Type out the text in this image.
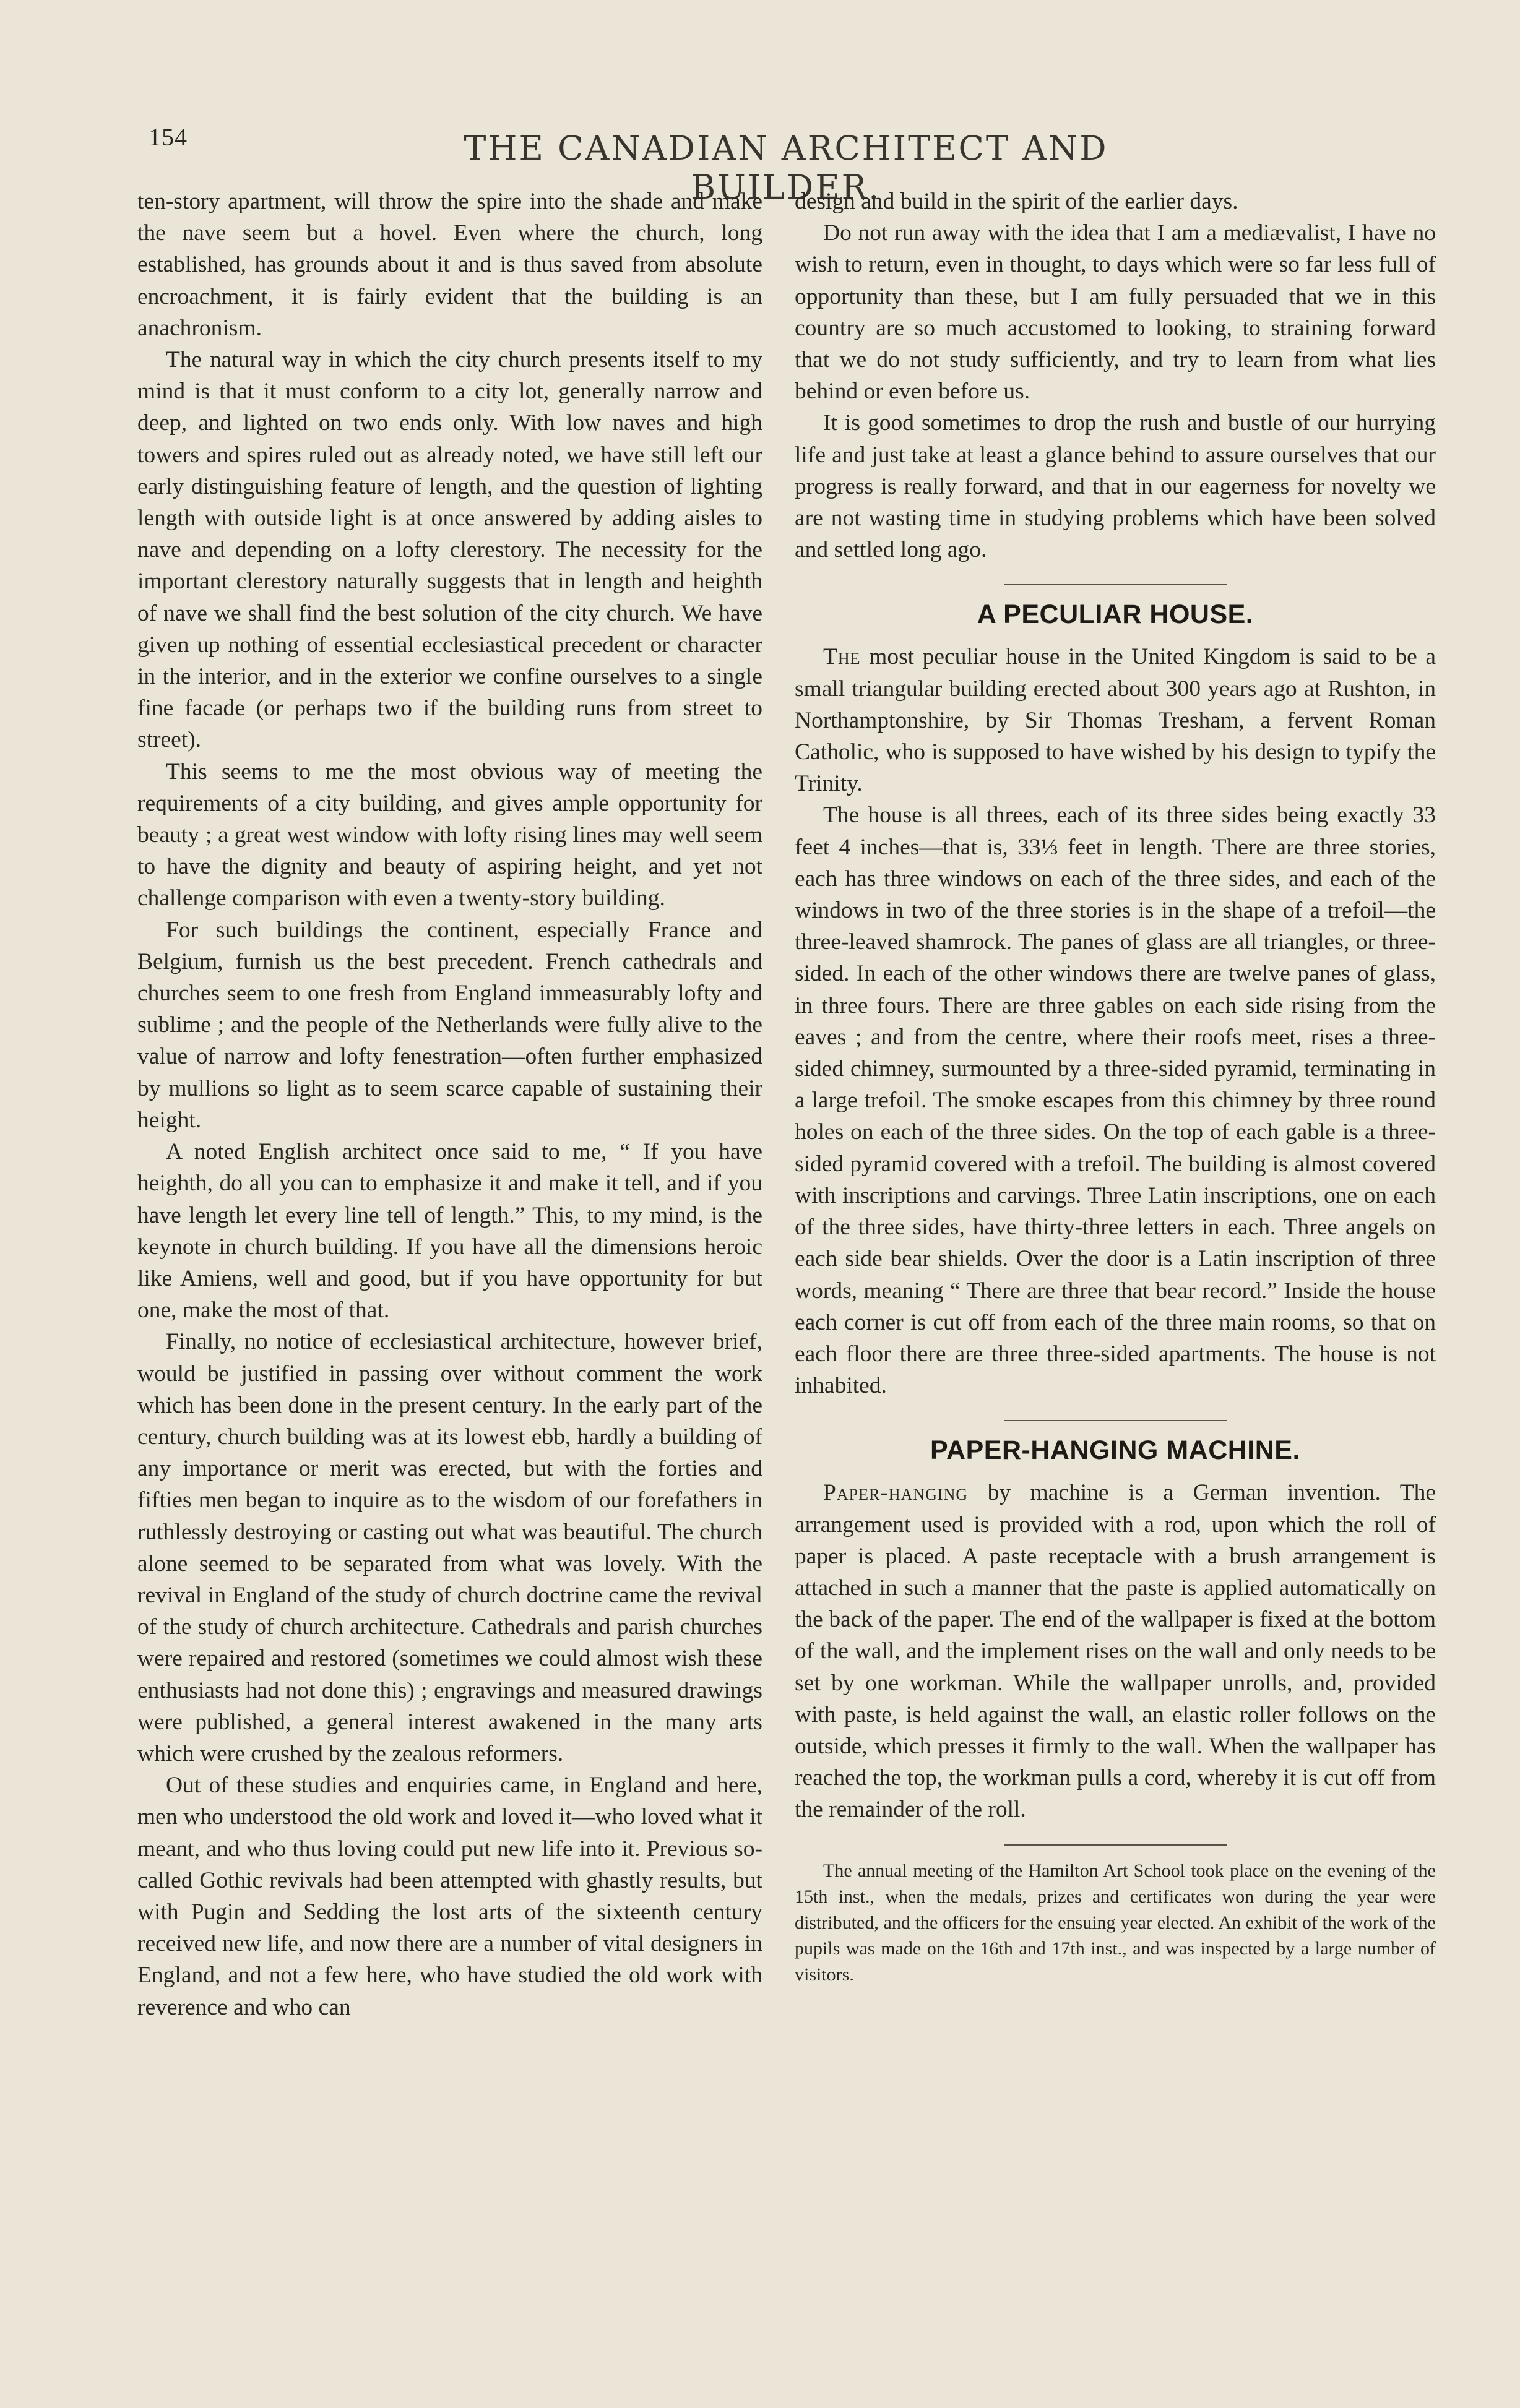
154	THE CANADIAN ARCHITECT AND BUILDER.

ten-story apartment, will throw the spire into the shade and make the nave seem but a hovel. Even where the church, long established, has grounds about it and is thus saved from absolute encroachment, it is fairly evident that the building is an anachronism.

The natural way in which the city church presents itself to my mind is that it must conform to a city lot, generally narrow and deep, and lighted on two ends only. With low naves and high towers and spires ruled out as already noted, we have still left our early distinguishing feature of length, and the question of lighting length with outside light is at once answered by adding aisles to nave and depending on a lofty clerestory. The necessity for the important clerestory naturally suggests that in length and heighth of nave we shall find the best solution of the city church. We have given up nothing of essential ecclesiastical precedent or character in the interior, and in the exterior we confine ourselves to a single fine facade (or perhaps two if the building runs from street to street).

This seems to me the most obvious way of meeting the requirements of a city building, and gives ample opportunity for beauty ; a great west window with lofty rising lines may well seem to have the dignity and beauty of aspiring height, and yet not challenge comparison with even a twenty-story building.

For such buildings the continent, especially France and Belgium, furnish us the best precedent. French cathedrals and churches seem to one fresh from England immeasurably lofty and sublime ; and the people of the Netherlands were fully alive to the value of narrow and lofty fenestration—often further emphasized by mullions so light as to seem scarce capable of sustaining their height.

A noted English architect once said to me, “ If you have heighth, do all you can to emphasize it and make it tell, and if you have length let every line tell of length.” This, to my mind, is the keynote in church building. If you have all the dimensions heroic like Amiens, well and good, but if you have opportunity for but one, make the most of that.

Finally, no notice of ecclesiastical architecture, however brief, would be justified in passing over without comment the work which has been done in the present century. In the early part of the century, church building was at its lowest ebb, hardly a building of any importance or merit was erected, but with the forties and fifties men began to inquire as to the wisdom of our forefathers in ruthlessly destroying or casting out what was beautiful. The church alone seemed to be separated from what was lovely. With the revival in England of the study of church doctrine came the revival of the study of church architecture. Cathedrals and parish churches were repaired and restored (sometimes we could almost wish these enthusiasts had not done this) ; engravings and measured drawings were published, a general interest awakened in the many arts which were crushed by the zealous reformers.

Out of these studies and enquiries came, in England and here, men who understood the old work and loved it—who loved what it meant, and who thus loving could put new life into it. Previous so-called Gothic revivals had been attempted with ghastly results, but with Pugin and Sedding the lost arts of the sixteenth century received new life, and now there are a number of vital designers in England, and not a few here, who have studied the old work with reverence and who can

design and build in the spirit of the earlier days.

Do not run away with the idea that I am a mediævalist, I have no wish to return, even in thought, to days which were so far less full of opportunity than these, but I am fully persuaded that we in this country are so much accustomed to looking, to straining forward that we do not study sufficiently, and try to learn from what lies behind or even before us.

It is good sometimes to drop the rush and bustle of our hurrying life and just take at least a glance behind to assure ourselves that our progress is really forward, and that in our eagerness for novelty we are not wasting time in studying problems which have been solved and settled long ago.

A PECULIAR HOUSE.

The most peculiar house in the United Kingdom is said to be a small triangular building erected about 300 years ago at Rushton, in Northamptonshire, by Sir Thomas Tresham, a fervent Roman Catholic, who is supposed to have wished by his design to typify the Trinity.

The house is all threes, each of its three sides being exactly 33 feet 4 inches—that is, 33⅓ feet in length. There are three stories, each has three windows on each of the three sides, and each of the windows in two of the three stories is in the shape of a trefoil—the three-leaved shamrock. The panes of glass are all triangles, or three-sided. In each of the other windows there are twelve panes of glass, in three fours. There are three gables on each side rising from the eaves ; and from the centre, where their roofs meet, rises a three-sided chimney, surmounted by a three-sided pyramid, terminating in a large trefoil. The smoke escapes from this chimney by three round holes on each of the three sides. On the top of each gable is a three-sided pyramid covered with a trefoil. The building is almost covered with inscriptions and carvings. Three Latin inscriptions, one on each of the three sides, have thirty-three letters in each. Three angels on each side bear shields. Over the door is a Latin inscription of three words, meaning “ There are three that bear record.” Inside the house each corner is cut off from each of the three main rooms, so that on each floor there are three three-sided apartments. The house is not inhabited.

PAPER-HANGING MACHINE.

Paper-hanging by machine is a German invention. The arrangement used is provided with a rod, upon which the roll of paper is placed. A paste receptacle with a brush arrangement is attached in such a manner that the paste is applied automatically on the back of the paper. The end of the wallpaper is fixed at the bottom of the wall, and the implement rises on the wall and only needs to be set by one workman. While the wallpaper unrolls, and, provided with paste, is held against the wall, an elastic roller follows on the outside, which presses it firmly to the wall. When the wallpaper has reached the top, the workman pulls a cord, whereby it is cut off from the remainder of the roll.

The annual meeting of the Hamilton Art School took place on the evening of the 15th inst., when the medals, prizes and certificates won during the year were distributed, and the officers for the ensuing year elected. An exhibit of the work of the pupils was made on the 16th and 17th inst., and was inspected by a large number of visitors.
